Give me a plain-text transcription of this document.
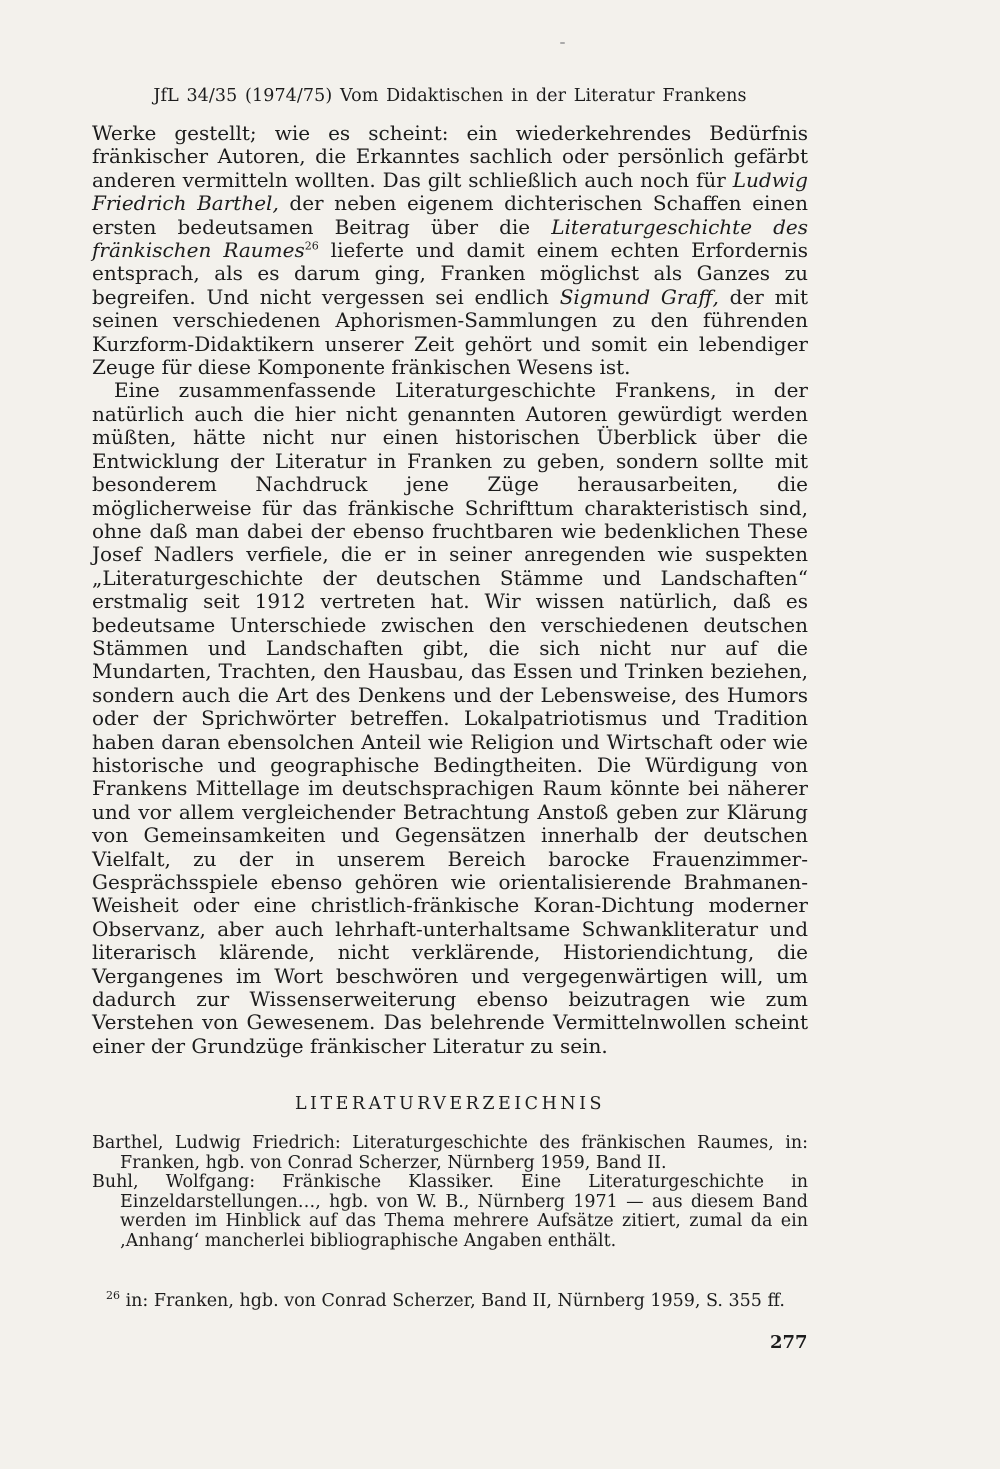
JfL 34/35 (1974/75) Vom Didaktischen in der Literatur Frankens

Werke gestellt; wie es scheint: ein wiederkehrendes Bedürfnis fränkischer Autoren, die Erkanntes sachlich oder persönlich gefärbt anderen vermitteln wollten. Das gilt schließlich auch noch für Ludwig Friedrich Barthel, der neben eigenem dichterischen Schaffen einen ersten bedeutsamen Beitrag über die Literaturgeschichte des fränkischen Raumes$^{26}$ lieferte und damit einem echten Erfordernis entsprach, als es darum ging, Franken möglichst als Ganzes zu begreifen. Und nicht vergessen sei endlich Sigmund Graff, der mit seinen verschiedenen Aphorismen-Sammlungen zu den führenden Kurzform-Didaktikern unserer Zeit gehört und somit ein lebendiger Zeuge für diese Komponente fränkischen Wesens ist.

Eine zusammenfassende Literaturgeschichte Frankens, in der natürlich auch die hier nicht genannten Autoren gewürdigt werden müßten, hätte nicht nur einen historischen Überblick über die Entwicklung der Literatur in Franken zu geben, sondern sollte mit besonderem Nachdruck jene Züge herausarbeiten, die möglicherweise für das fränkische Schrifttum charakteristisch sind, ohne daß man dabei der ebenso fruchtbaren wie bedenklichen These Josef Nadlers verfiele, die er in seiner anregenden wie suspekten „Literaturgeschichte der deutschen Stämme und Landschaften“ erstmalig seit 1912 vertreten hat. Wir wissen natürlich, daß es bedeutsame Unterschiede zwischen den verschiedenen deutschen Stämmen und Landschaften gibt, die sich nicht nur auf die Mundarten, Trachten, den Hausbau, das Essen und Trinken beziehen, sondern auch die Art des Denkens und der Lebensweise, des Humors oder der Sprichwörter betreffen. Lokalpatriotismus und Tradition haben daran ebensolchen Anteil wie Religion und Wirtschaft oder wie historische und geographische Bedingtheiten. Die Würdigung von Frankens Mittellage im deutschsprachigen Raum könnte bei näherer und vor allem vergleichender Betrachtung Anstoß geben zur Klärung von Gemeinsamkeiten und Gegensätzen innerhalb der deutschen Vielfalt, zu der in unserem Bereich barocke Frauenzimmer-Gesprächsspiele ebenso gehören wie orientalisierende Brahmanen-Weisheit oder eine christlich-fränkische Koran-Dichtung moderner Observanz, aber auch lehrhaft-unterhaltsame Schwankliteratur und literarisch klärende, nicht verklärende, Historiendichtung, die Vergangenes im Wort beschwören und vergegenwärtigen will, um dadurch zur Wissenserweiterung ebenso beizutragen wie zum Verstehen von Gewesenem. Das belehrende Vermittelnwollen scheint einer der Grundzüge fränkischer Literatur zu sein.

LITERATURVERZEICHNIS
Barthel, Ludwig Friedrich: Literaturgeschichte des fränkischen Raumes, in: Franken, hgb. von Conrad Scherzer, Nürnberg 1959, Band II.
Buhl, Wolfgang: Fränkische Klassiker. Eine Literaturgeschichte in Einzeldarstellungen…, hgb. von W. B., Nürnberg 1971 — aus diesem Band werden im Hinblick auf das Thema mehrere Aufsätze zitiert, zumal da ein ‚Anhang‘ mancherlei bibliographische Angaben enthält.
$^{26}$ in: Franken, hgb. von Conrad Scherzer, Band II, Nürnberg 1959, S. 355 ff.
277
